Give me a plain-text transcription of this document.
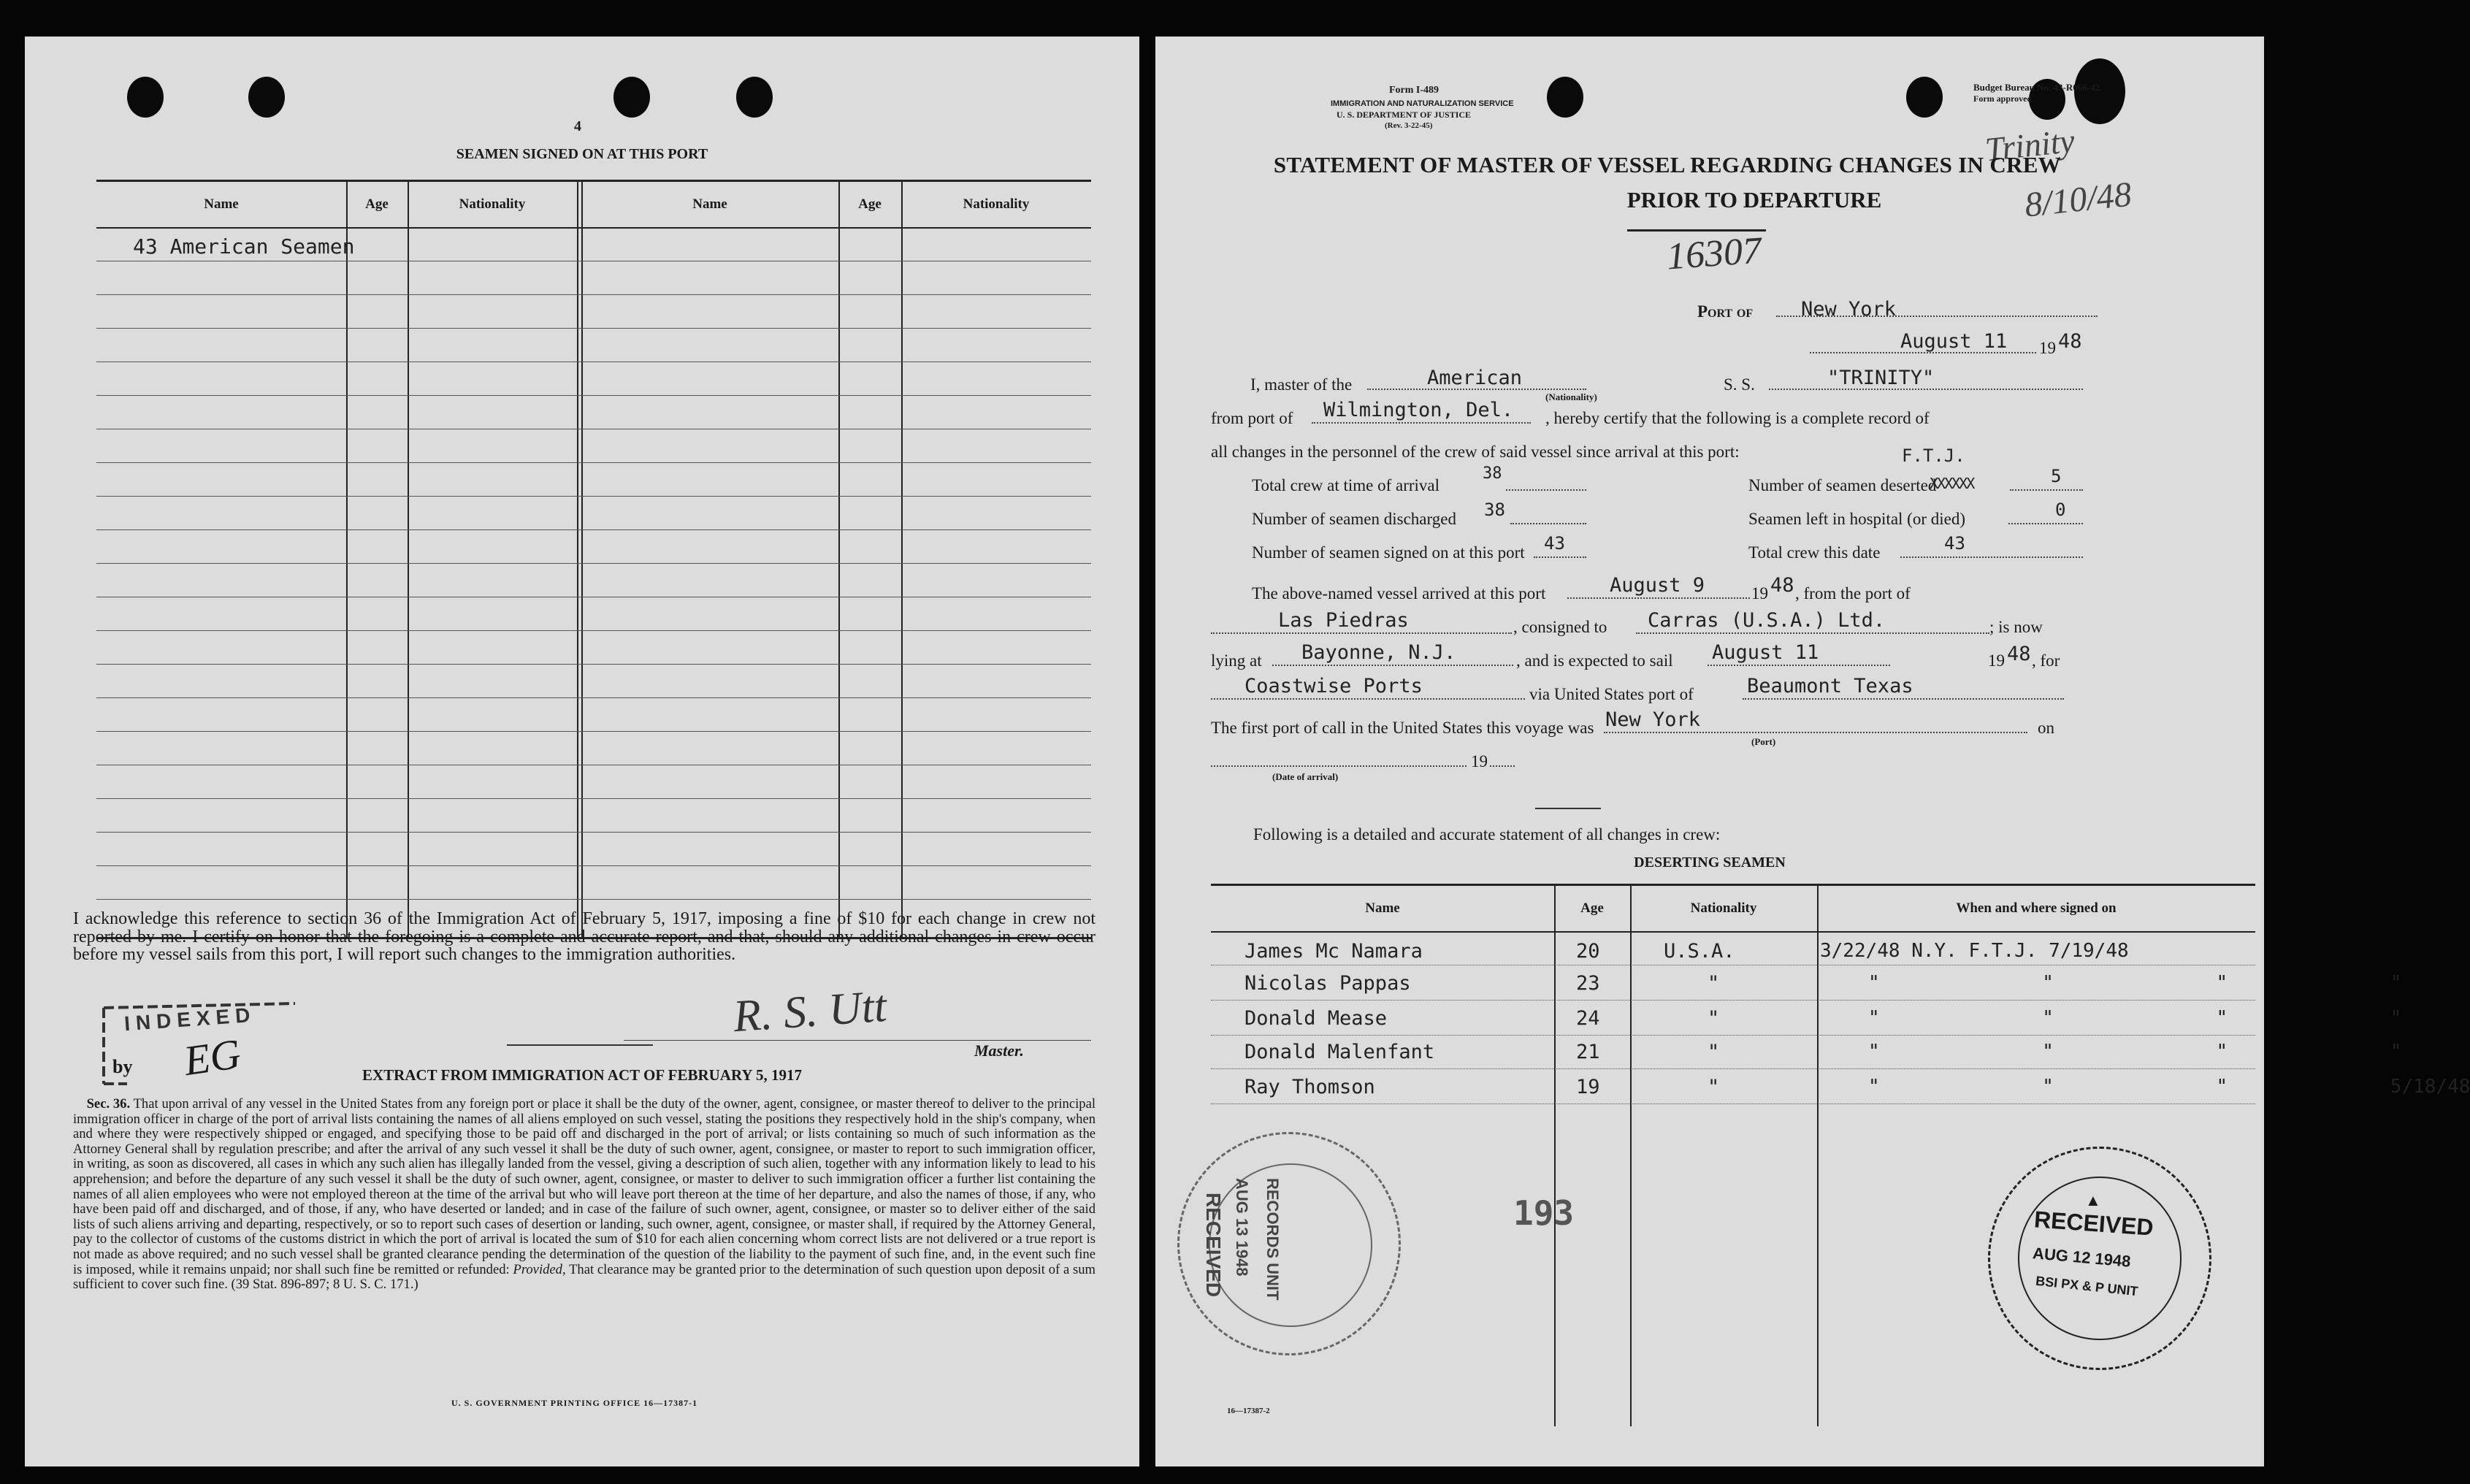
4
SEAMEN SIGNED ON AT THIS PORT
Name	Age	Nationality	Name	Age	Nationality
43 American Seamen
I acknowledge this reference to section 36 of the Immigration Act of February 5, 1917, imposing a fine of $10 for each change in crew not reported by me. I certify on honor that the foregoing is a complete and accurate report, and that, should any additional changes in crew occur before my vessel sails from this port, I will report such changes to the immigration authorities.
INDEXED
by EG
R. S. Utt
Master.
EXTRACT FROM IMMIGRATION ACT OF FEBRUARY 5, 1917
 Sec. 36. That upon arrival of any vessel in the United States from any foreign port or place it shall be the duty of the owner, agent, consignee, or master thereof to deliver to the principal immigration officer in charge of the port of arrival lists containing the names of all aliens employed on such vessel, stating the positions they respectively hold in the ship's company, when and where they were respectively shipped or engaged, and specifying those to be paid off and discharged in the port of arrival; or lists containing so much of such information as the Attorney General shall by regulation prescribe; and after the arrival of any such vessel it shall be the duty of such owner, agent, consignee, or master to report to such immigration officer, in writing, as soon as discovered, all cases in which any such alien has illegally landed from the vessel, giving a description of such alien, together with any information likely to lead to his apprehension; and before the departure of any such vessel it shall be the duty of such owner, agent, consignee, or master to deliver to such immigration officer a further list containing the names of all alien employees who were not employed thereon at the time of the arrival but who will leave port thereon at the time of her departure, and also the names of those, if any, who have been paid off and discharged, and of those, if any, who have deserted or landed; and in case of the failure of such owner, agent, consignee, or master so to deliver either of the said lists of such aliens arriving and departing, respectively, or so to report such cases of desertion or landing, such owner, agent, consignee, or master shall, if required by the Attorney General, pay to the collector of customs of the customs district in which the port of arrival is located the sum of $10 for each alien concerning whom correct lists are not delivered or a true report is not made as above required; and no such vessel shall be granted clearance pending the determination of the question of the liability to the payment of such fine, and, in the event such fine is imposed, while it remains unpaid; nor shall such fine be remitted or refunded: Provided, That clearance may be granted prior to the determination of such question upon deposit of a sum sufficient to cover such fine. (39 Stat. 896-897; 8 U. S. C. 171.)
U. S. GOVERNMENT PRINTING OFFICE 16—17387-1
Form I-489
IMMIGRATION AND NATURALIZATION SERVICE
U. S. DEPARTMENT OF JUSTICE
(Rev. 3-22-45)
Budget Bureau No. 43-R066-42.
Form approved.
Trinity
8/10/48
STATEMENT OF MASTER OF VESSEL REGARDING CHANGES IN CREW
PRIOR TO DEPARTURE
16307
Port of New York
August 11 19 48
I, master of the	American	S. S.	"TRINITY"
(Nationality)
from port of Wilmington, Del. , hereby certify that the following is a complete record of
all changes in the personnel of the crew of said vessel since arrival at this port:	F.T.J.
Total crew at time of arrival
38
Number of seamen deserted
XXXXXX	5
Number of seamen discharged 38	Seamen left in hospital (or died)	0
Number of seamen signed on at this port 43	Total crew this date	43
The above-named vessel arrived at this port	August 9	19 48 , from the port of
Las Piedras	, consigned to Carras (U.S.A.) Ltd.	; is now
lying at Bayonne, N.J.	, and is expected to sail August 11	19 48 , for
Coastwise Ports	via United States port of	Beaumont Texas
The first port of call in the United States this voyage was New York	on
(Port)
19
(Date of arrival)
Following is a detailed and accurate statement of all changes in crew:
DESERTING SEAMEN
Name	Age	Nationality	When and where signed on
James Mc Namara	20	U.S.A.	3/22/48 N.Y. F.T.J. 7/19/48
Nicolas Pappas	23	"	"    "    "    "
Donald Mease	24	"	"    "    "    "
Donald Malenfant	21	"	"    "    "    "
Ray Thomson	19	"	"    "    "    5/18/48
193
RECORDS UNIT
AUG 13 1948
RECEIVED	▲
RECEIVED
AUG 12 1948
BSI PX & P UNIT
16—17387-2
